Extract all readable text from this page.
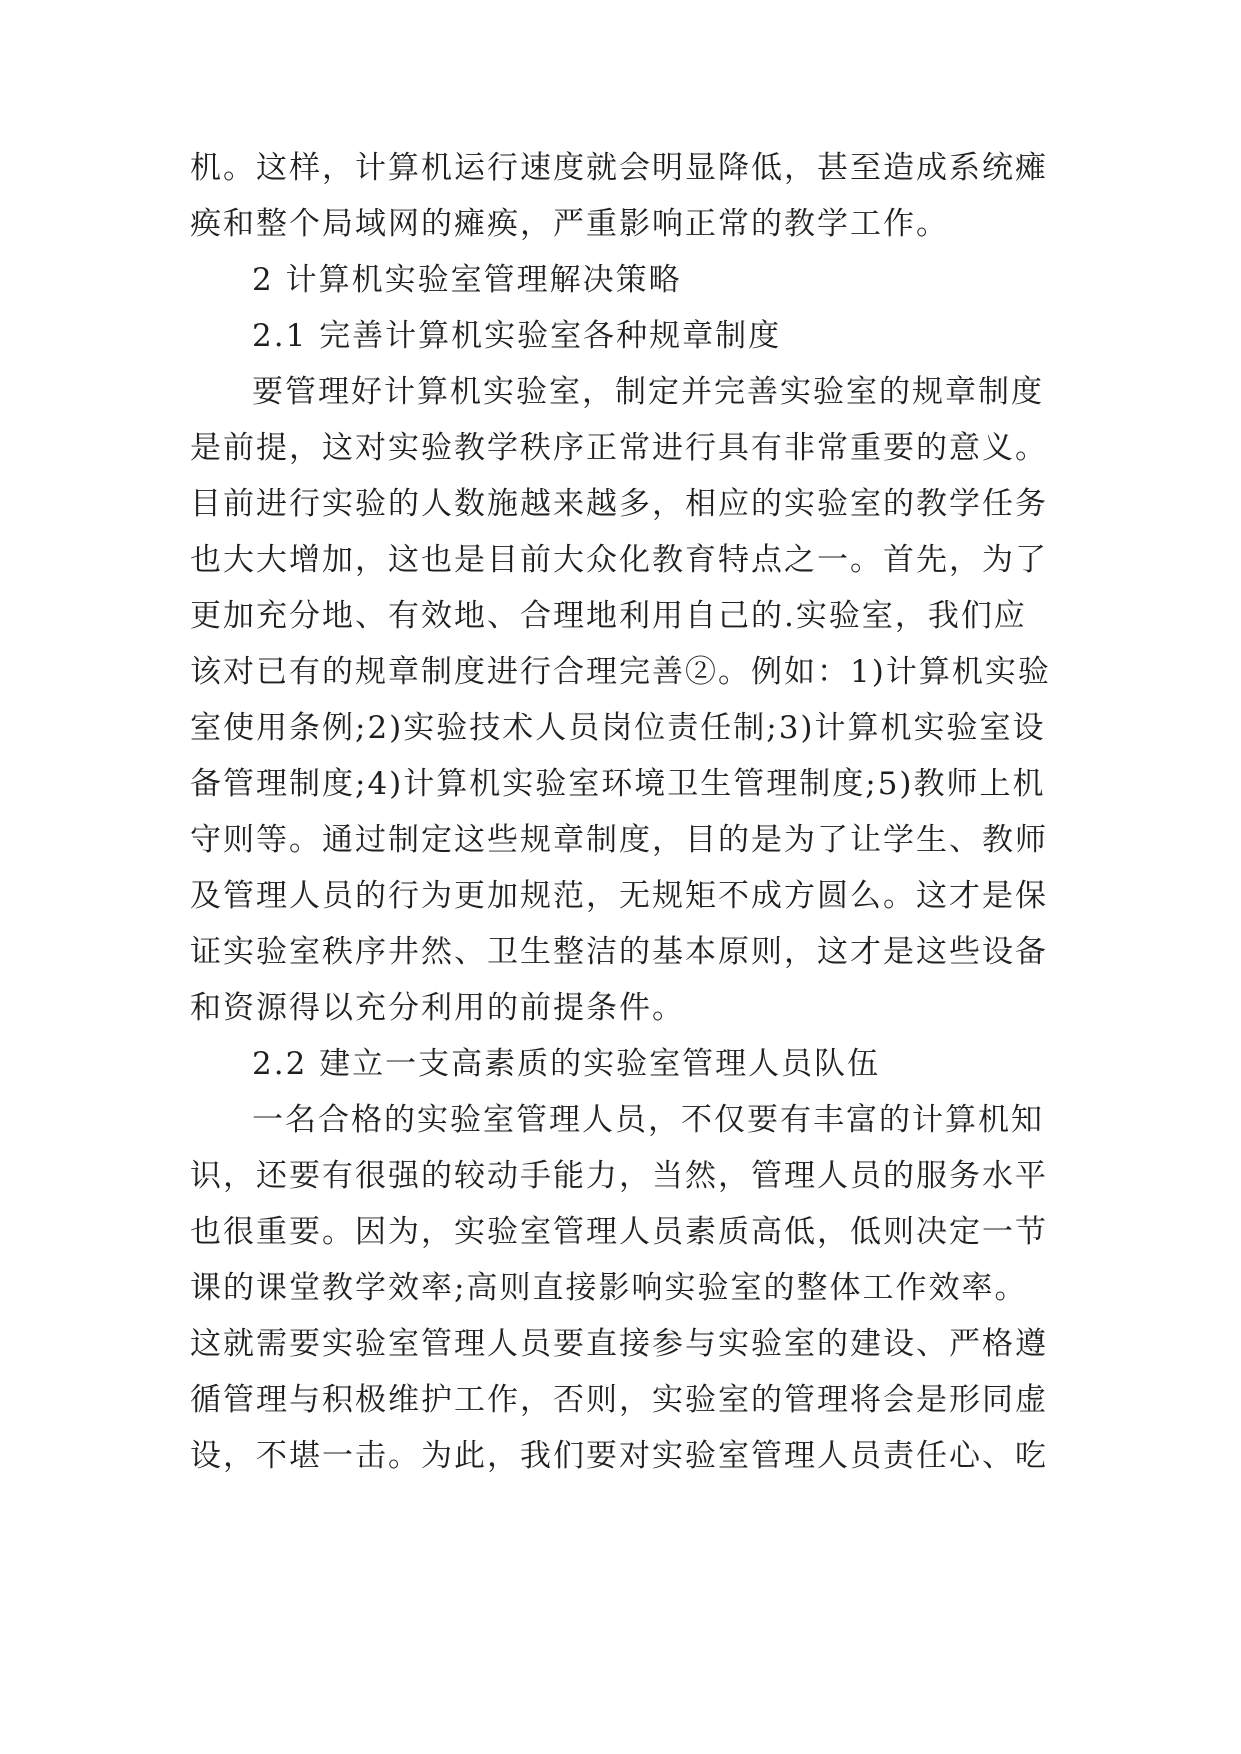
机。这样，计算机运行速度就会明显降低，甚至造成系统瘫
痪和整个局域网的瘫痪，严重影响正常的教学工作。
2 计算机实验室管理解决策略
2.1 完善计算机实验室各种规章制度
要管理好计算机实验室，制定并完善实验室的规章制度
是前提，这对实验教学秩序正常进行具有非常重要的意义。
目前进行实验的人数施越来越多，相应的实验室的教学任务
也大大增加，这也是目前大众化教育特点之一。首先，为了
更加充分地、有效地、合理地利用自己的.实验室，我们应
该对已有的规章制度进行合理完善②。例如：1)计算机实验
室使用条例;2)实验技术人员岗位责任制;3)计算机实验室设
备管理制度;4)计算机实验室环境卫生管理制度;5)教师上机
守则等。通过制定这些规章制度，目的是为了让学生、教师
及管理人员的行为更加规范，无规矩不成方圆么。这才是保
证实验室秩序井然、卫生整洁的基本原则，这才是这些设备
和资源得以充分利用的前提条件。
2.2 建立一支高素质的实验室管理人员队伍
一名合格的实验室管理人员，不仅要有丰富的计算机知
识，还要有很强的较动手能力，当然，管理人员的服务水平
也很重要。因为，实验室管理人员素质高低，低则决定一节
课的课堂教学效率;高则直接影响实验室的整体工作效率。
这就需要实验室管理人员要直接参与实验室的建设、严格遵
循管理与积极维护工作，否则，实验室的管理将会是形同虚
设，不堪一击。为此，我们要对实验室管理人员责任心、吃
